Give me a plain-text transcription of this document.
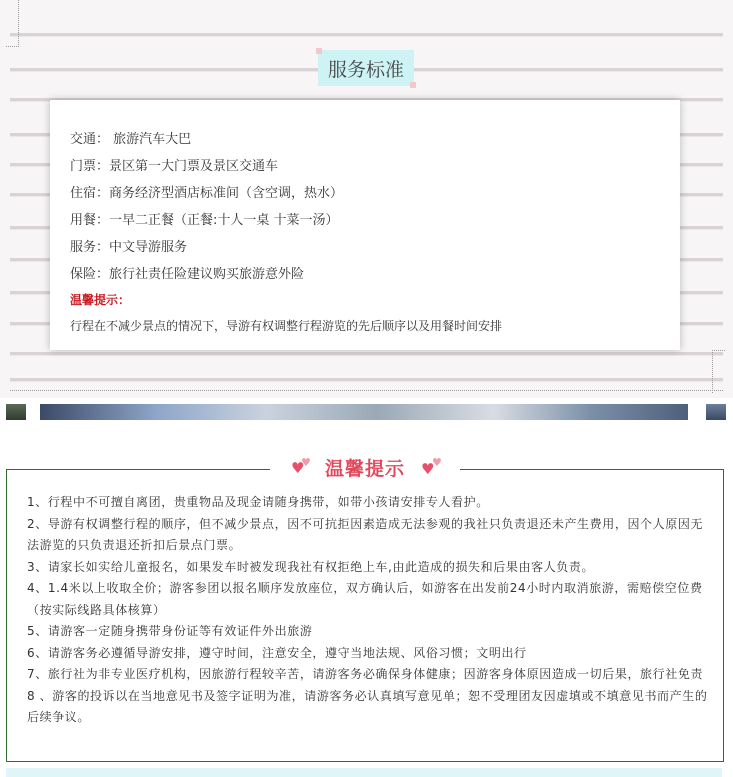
服务标准
交通： 旅游汽车大巴
门票：景区第一大门票及景区交通车
住宿：商务经济型酒店标准间（含空调，热水）
用餐：一早二正餐（正餐:十人一桌 十菜一汤）
服务：中文导游服务
保险：旅行社责任险建议购买旅游意外险
温馨提示：
行程在不减少景点的情况下，导游有权调整行程游览的先后顺序以及用餐时间安排
1、行程中不可擅自离团，贵重物品及现金请随身携带，如带小孩请安排专人看护。
2、导游有权调整行程的顺序，但不减少景点，因不可抗拒因素造成无法参观的我社只负责退还未产生费用，因个人原因无法游览的只负责退还折扣后景点门票。
3、请家长如实给儿童报名，如果发车时被发现我社有权拒绝上车,由此造成的损失和后果由客人负责。
4、1.4米以上收取全价；游客参团以报名顺序发放座位，双方确认后，如游客在出发前24小时内取消旅游，需赔偿空位费（按实际线路具体核算）
5、请游客一定随身携带身份证等有效证件外出旅游
6、请游客务必遵循导游安排，遵守时间，注意安全，遵守当地法规、风俗习惯；文明出行
7、旅行社为非专业医疗机构，因旅游行程较辛苦，请游客务必确保身体健康；因游客身体原因造成一切后果，旅行社免责
8 、游客的投诉以在当地意见书及签字证明为准，请游客务必认真填写意见单；恕不受理团友因虚填或不填意见书而产生的后续争议。
♥
♥ 温馨提示 ♥
♥
